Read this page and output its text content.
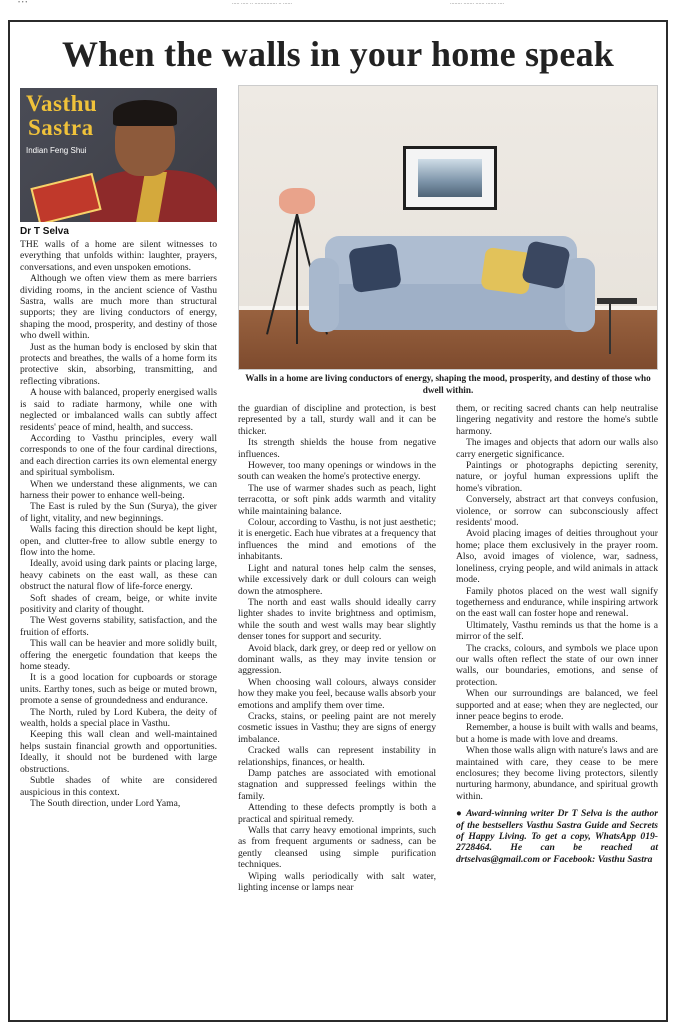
• • •	..... ..... .. ............... .. ......	........ ....... ...... ....... ....
When the walls in your home speak
Vasthu
Sastra
Indian Feng Shui
Walls in a home are living conductors of energy, shaping the mood, prosperity, and destiny of those who dwell within.
Dr T Selva

THE walls of a home are silent witnesses to everything that unfolds within: laughter, prayers, conversations, and even unspoken emotions.

Although we often view them as mere barriers dividing rooms, in the ancient science of Vasthu Sastra, walls are much more than structural supports; they are living conductors of energy, shaping the mood, prosperity, and destiny of those who dwell within.

Just as the human body is enclosed by skin that protects and breathes, the walls of a home form its protective skin, absorbing, transmitting, and reflecting vibrations.

A house with balanced, properly energised walls is said to radiate harmony, while one with neglected or imbalanced walls can subtly affect residents' peace of mind, health, and success.

According to Vasthu principles, every wall corresponds to one of the four cardinal directions, and each direction carries its own elemental energy and spiritual symbolism.

When we understand these alignments, we can harness their power to enhance well-being.

The East is ruled by the Sun (Surya), the giver of light, vitality, and new beginnings.

Walls facing this direction should be kept light, open, and clutter-free to allow subtle energy to flow into the home.

Ideally, avoid using dark paints or placing large, heavy cabinets on the east wall, as these can obstruct the natural flow of life-force energy.

Soft shades of cream, beige, or white invite positivity and clarity of thought.

The West governs stability, satisfaction, and the fruition of efforts.

This wall can be heavier and more solidly built, offering the energetic foundation that keeps the home steady.

It is a good location for cupboards or storage units. Earthy tones, such as beige or muted brown, promote a sense of groundedness and endurance.

The North, ruled by Lord Kubera, the deity of wealth, holds a special place in Vasthu.

Keeping this wall clean and well-maintained helps sustain financial growth and opportunities. Ideally, it should not be burdened with large obstructions.

Subtle shades of white are considered auspicious in this context.

The South direction, under Lord Yama,

the guardian of discipline and protection, is best represented by a tall, sturdy wall and it can be thicker.

Its strength shields the house from negative influences.

However, too many openings or windows in the south can weaken the home's protective energy.

The use of warmer shades such as peach, light terracotta, or soft pink adds warmth and vitality while maintaining balance.

Colour, according to Vasthu, is not just aesthetic; it is energetic. Each hue vibrates at a frequency that influences the mind and emotions of the inhabitants.

Light and natural tones help calm the senses, while excessively dark or dull colours can weigh down the atmosphere.

The north and east walls should ideally carry lighter shades to invite brightness and optimism, while the south and west walls may bear slightly denser tones for support and security.

Avoid black, dark grey, or deep red or yellow on dominant walls, as they may invite tension or aggression.

When choosing wall colours, always consider how they make you feel, because walls absorb your emotions and amplify them over time.

Cracks, stains, or peeling paint are not merely cosmetic issues in Vasthu; they are signs of energy imbalance.

Cracked walls can represent instability in relationships, finances, or health.

Damp patches are associated with emotional stagnation and suppressed feelings within the family.

Attending to these defects promptly is both a practical and spiritual remedy.

Walls that carry heavy emotional imprints, such as from frequent arguments or sadness, can be gently cleansed using simple purification techniques.

Wiping walls periodically with salt water, lighting incense or lamps near

them, or reciting sacred chants can help neutralise lingering negativity and restore the home's subtle harmony.

The images and objects that adorn our walls also carry energetic significance.

Paintings or photographs depicting serenity, nature, or joyful human expressions uplift the home's vibration.

Conversely, abstract art that conveys confusion, violence, or sorrow can subconsciously affect residents' mood.

Avoid placing images of deities throughout your home; place them exclusively in the prayer room. Also, avoid images of violence, war, sadness, loneliness, crying people, and wild animals in attack mode.

Family photos placed on the west wall signify togetherness and endurance, while inspiring artwork on the east wall can foster hope and renewal.

Ultimately, Vasthu reminds us that the home is a mirror of the self.

The cracks, colours, and symbols we place upon our walls often reflect the state of our own inner walls, our boundaries, emotions, and sense of protection.

When our surroundings are balanced, we feel supported and at ease; when they are neglected, our inner peace begins to erode.

Remember, a house is built with walls and beams, but a home is made with love and dreams.

When those walls align with nature's laws and are maintained with care, they cease to be mere enclosures; they become living protectors, silently nurturing harmony, abundance, and spiritual growth within.

● Award-winning writer Dr T Selva is the author of the bestsellers Vasthu Sastra Guide and Secrets of Happy Living. To get a copy, WhatsApp 019-2728464. He can be reached at drtselvas@gmail.com or Facebook: Vasthu Sastra
